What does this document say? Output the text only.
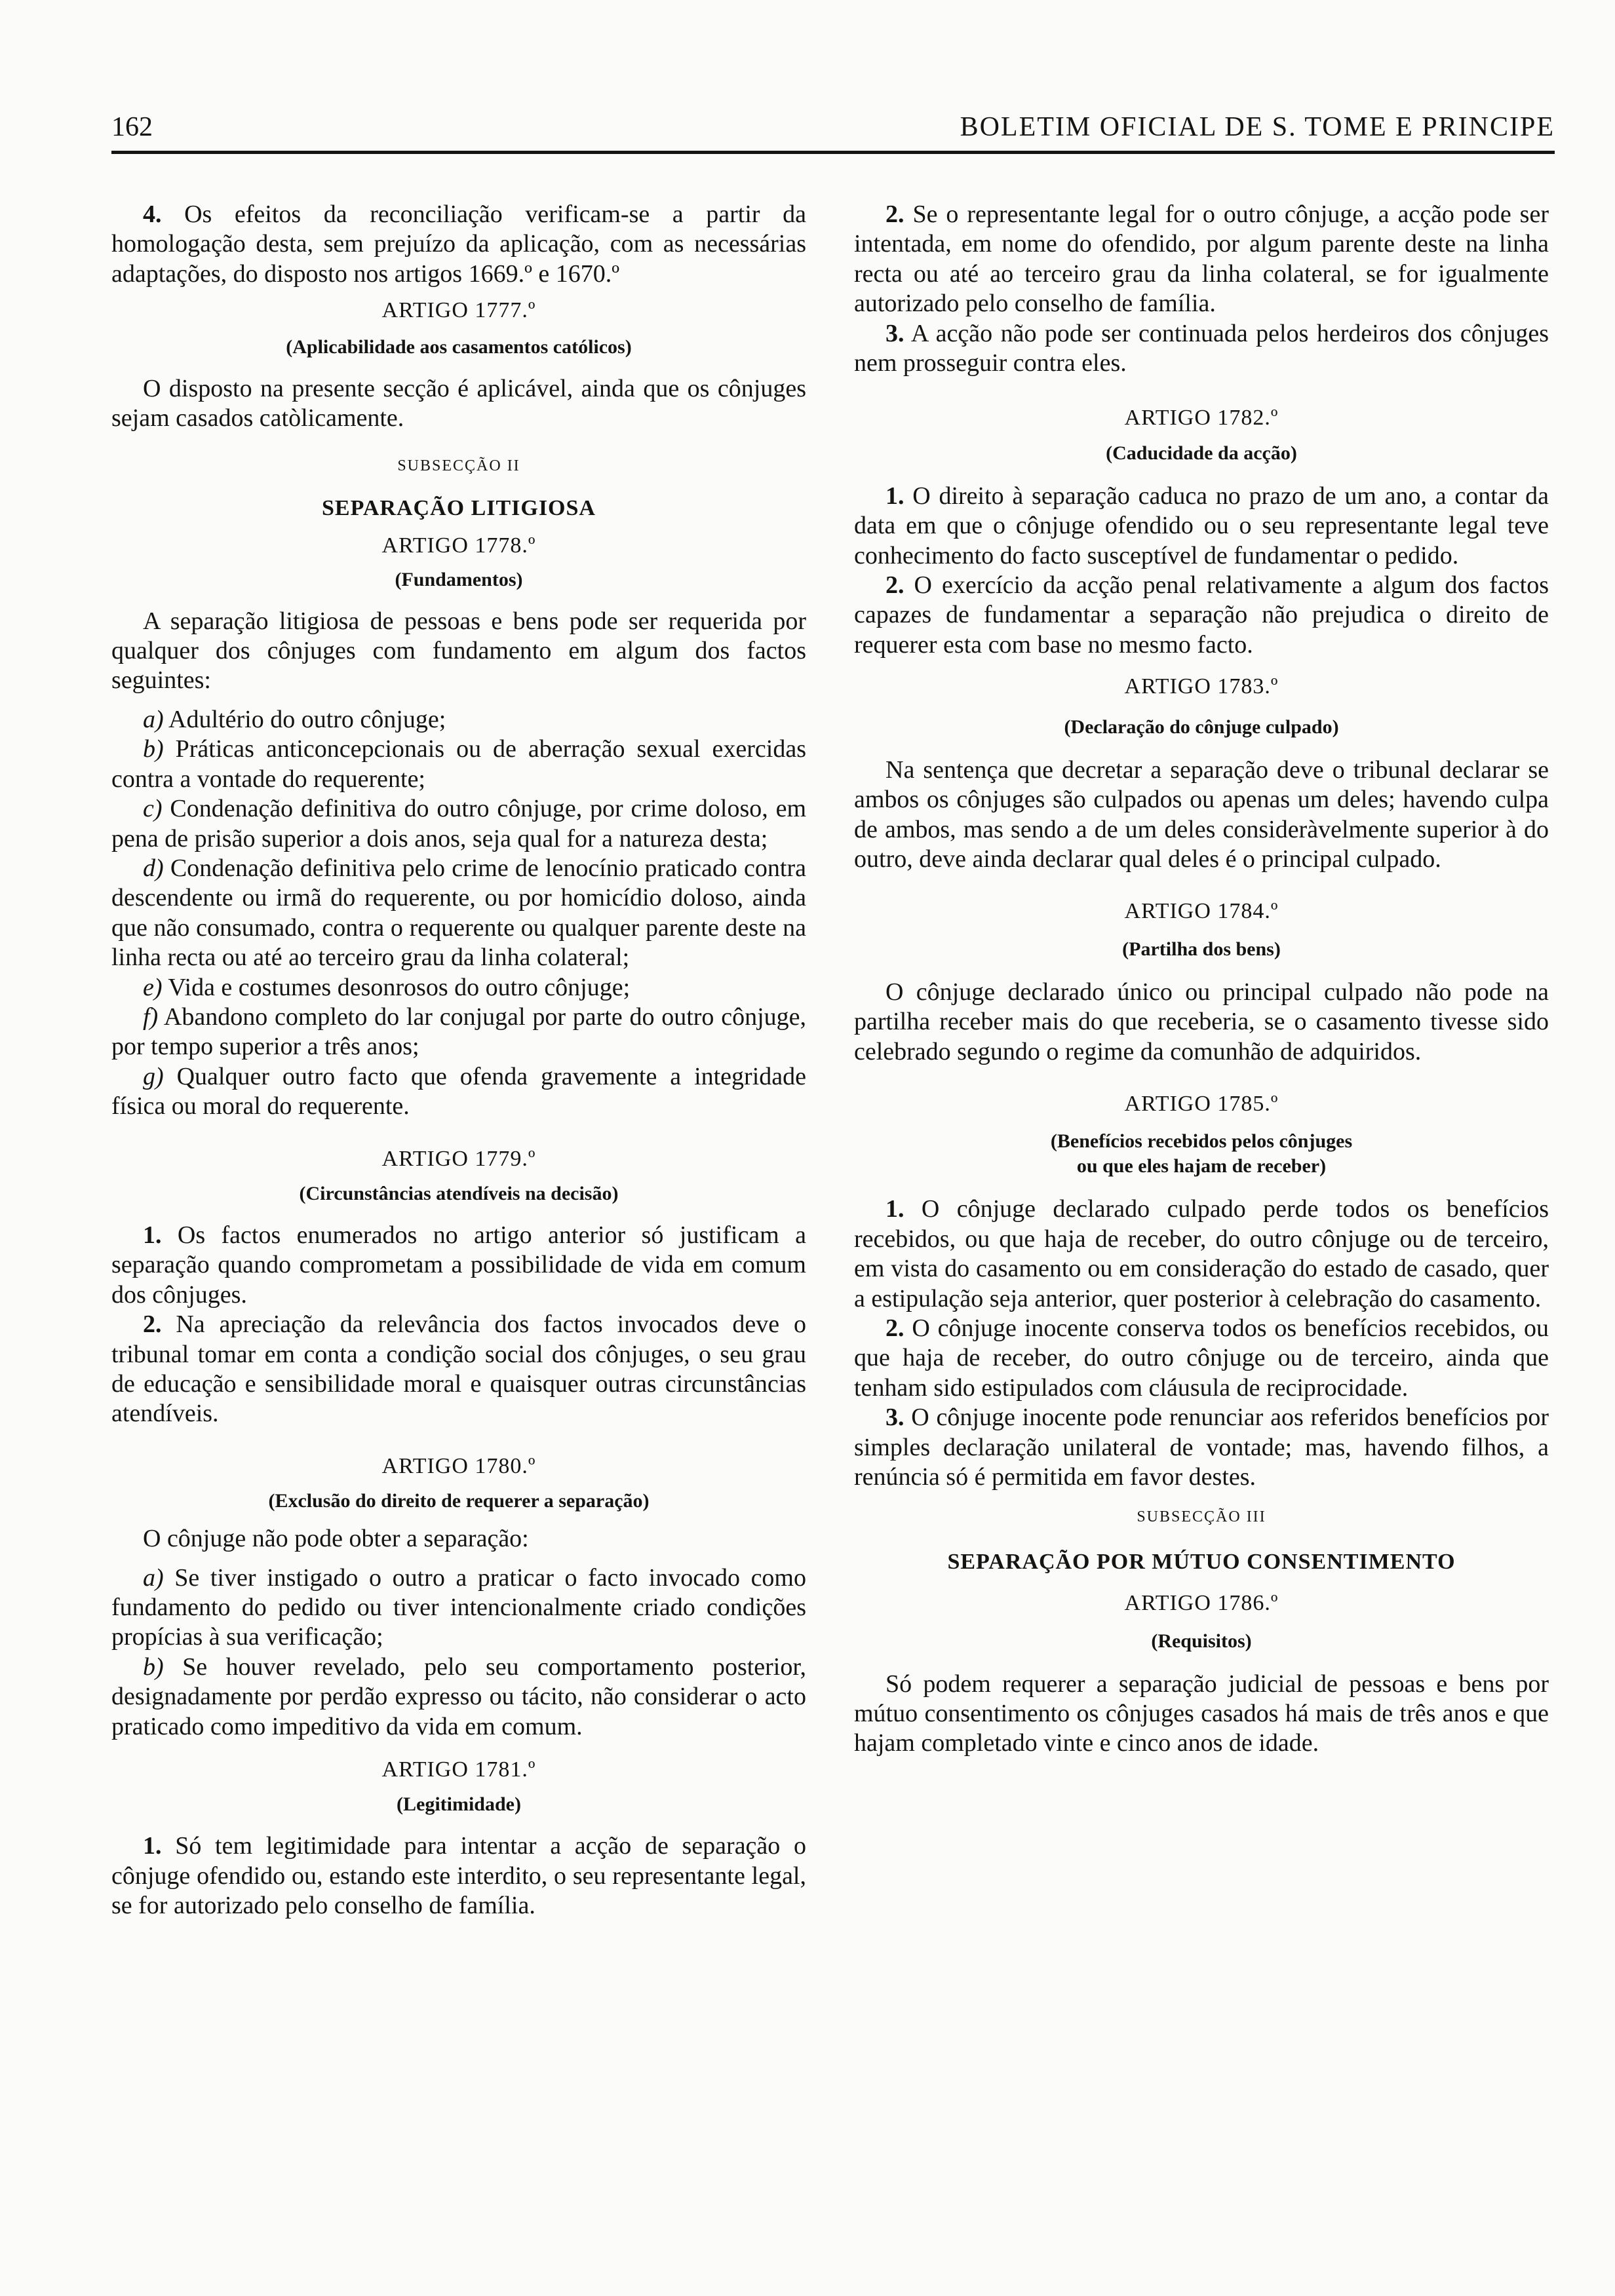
162	BOLETIM OFICIAL DE S. TOME E PRINCIPE

4. Os efeitos da reconciliação verificam-se a partir da homologação desta, sem prejuízo da aplicação, com as necessárias adaptações, do disposto nos artigos 1669.º e 1670.º

ARTIGO 1777.º

(Aplicabilidade aos casamentos católicos)

O disposto na presente secção é aplicável, ainda que os cônjuges sejam casados catòlicamente.

SUBSECÇÃO II

SEPARAÇÃO LITIGIOSA

ARTIGO 1778.º

(Fundamentos)

A separação litigiosa de pessoas e bens pode ser requerida por qualquer dos cônjuges com fundamento em algum dos factos seguintes:

a) Adultério do outro cônjuge;

b) Práticas anticoncepcionais ou de aberração sexual exercidas contra a vontade do requerente;

c) Condenação definitiva do outro cônjuge, por crime doloso, em pena de prisão superior a dois anos, seja qual for a natureza desta;

d) Condenação definitiva pelo crime de lenocínio praticado contra descendente ou irmã do requerente, ou por homicídio doloso, ainda que não consumado, contra o requerente ou qualquer parente deste na linha recta ou até ao terceiro grau da linha colateral;

e) Vida e costumes desonrosos do outro cônjuge;

f) Abandono completo do lar conjugal por parte do outro cônjuge, por tempo superior a três anos;

g) Qualquer outro facto que ofenda gravemente a integridade física ou moral do requerente.

ARTIGO 1779.º

(Circunstâncias atendíveis na decisão)

1. Os factos enumerados no artigo anterior só justificam a separação quando comprometam a possibilidade de vida em comum dos cônjuges.

2. Na apreciação da relevância dos factos invocados deve o tribunal tomar em conta a condição social dos cônjuges, o seu grau de educação e sensibilidade moral e quaisquer outras circunstâncias atendíveis.

ARTIGO 1780.º

(Exclusão do direito de requerer a separação)

O cônjuge não pode obter a separação:

a) Se tiver instigado o outro a praticar o facto invocado como fundamento do pedido ou tiver intencionalmente criado condições propícias à sua verificação;

b) Se houver revelado, pelo seu comportamento posterior, designadamente por perdão expresso ou tácito, não considerar o acto praticado como impeditivo da vida em comum.

ARTIGO 1781.º

(Legitimidade)

1. Só tem legitimidade para intentar a acção de separação o cônjuge ofendido ou, estando este interdito, o seu representante legal, se for autorizado pelo conselho de família.

2. Se o representante legal for o outro cônjuge, a acção pode ser intentada, em nome do ofendido, por algum parente deste na linha recta ou até ao terceiro grau da linha colateral, se for igualmente autorizado pelo conselho de família.

3. A acção não pode ser continuada pelos herdeiros dos cônjuges nem prosseguir contra eles.

ARTIGO 1782.º

(Caducidade da acção)

1. O direito à separação caduca no prazo de um ano, a contar da data em que o cônjuge ofendido ou o seu representante legal teve conhecimento do facto susceptível de fundamentar o pedido.

2. O exercício da acção penal relativamente a algum dos factos capazes de fundamentar a separação não prejudica o direito de requerer esta com base no mesmo facto.

ARTIGO 1783.º

(Declaração do cônjuge culpado)

Na sentença que decretar a separação deve o tribunal declarar se ambos os cônjuges são culpados ou apenas um deles; havendo culpa de ambos, mas sendo a de um deles consideràvelmente superior à do outro, deve ainda declarar qual deles é o principal culpado.

ARTIGO 1784.º

(Partilha dos bens)

O cônjuge declarado único ou principal culpado não pode na partilha receber mais do que receberia, se o casamento tivesse sido celebrado segundo o regime da comunhão de adquiridos.

ARTIGO 1785.º

(Benefícios recebidos pelos cônjuges
ou que eles hajam de receber)

1. O cônjuge declarado culpado perde todos os benefícios recebidos, ou que haja de receber, do outro cônjuge ou de terceiro, em vista do casamento ou em consideração do estado de casado, quer a estipulação seja anterior, quer posterior à celebração do casamento.

2. O cônjuge inocente conserva todos os benefícios recebidos, ou que haja de receber, do outro cônjuge ou de terceiro, ainda que tenham sido estipulados com cláusula de reciprocidade.

3. O cônjuge inocente pode renunciar aos referidos benefícios por simples declaração unilateral de vontade; mas, havendo filhos, a renúncia só é permitida em favor destes.

SUBSECÇÃO III

SEPARAÇÃO POR MÚTUO CONSENTIMENTO

ARTIGO 1786.º

(Requisitos)

Só podem requerer a separação judicial de pessoas e bens por mútuo consentimento os cônjuges casados há mais de três anos e que hajam completado vinte e cinco anos de idade.
